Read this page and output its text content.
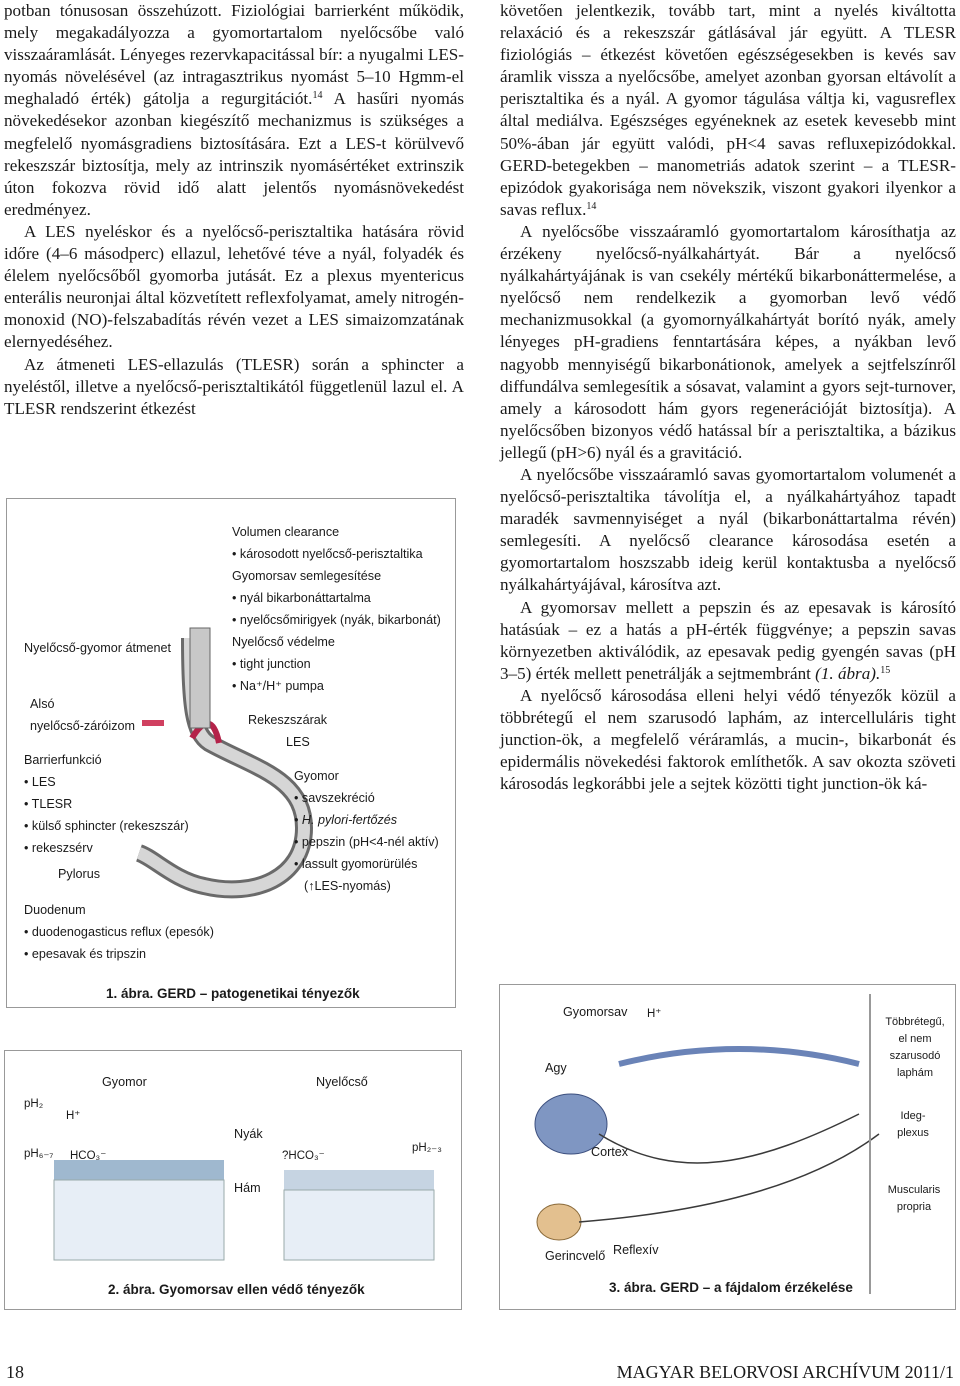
potban tónusosan összehúzott. Fiziológiai barrierként működik, mely megakadályozza a gyomortartalom nyelőcsőbe való visszaáramlását. Lényeges rezervkapacitással bír: a nyugalmi LES-nyomás növelésével (az intragasztrikus nyomást 5–10 Hgmm-el meghaladó érték) gátolja a regurgitációt.$^{14}$ A hasűri nyomás növekedésekor azonban kiegészítő mechanizmus is szükséges a megfelelő nyomásgradiens biztosítására. Ezt a LES-t körülvevő rekeszszár biztosítja, mely az intrinszik nyomásértéket extrinszik úton fokozva rövid idő alatt jelentős nyomásnövekedést eredményez.

A LES nyeléskor és a nyelőcső-perisztaltika hatására rövid időre (4–6 másodperc) ellazul, lehetővé téve a nyál, folyadék és élelem nyelőcsőből gyomorba jutását. Ez a plexus myentericus enterális neuronjai által közvetített reflexfolyamat, amely nitrogén-monoxid (NO)-felszabadítás révén vezet a LES simaizomzatának elernyedéséhez.

Az átmeneti LES-ellazulás (TLESR) során a sphincter a nyeléstől, illetve a nyelőcső-perisztaltikától függetlenül lazul el. A TLESR rendszerint étkezést

követően jelentkezik, tovább tart, mint a nyelés kiváltotta relaxáció és a rekeszszár gátlásával jár együtt. A TLESR fiziológiás – étkezést követően egészségesekben is kevés sav áramlik vissza a nyelőcsőbe, amelyet azonban gyorsan eltávolít a perisztaltika és a nyál. A gyomor tágulása váltja ki, vagusreflex által mediálva. Egészséges egyéneknek az esetek kevesebb mint 50%-ában jár együtt valódi, pH<4 savas refluxepizódokkal. GERD-betegekben – manometriás adatok szerint – a TLESR-epizódok gyakorisága nem növekszik, viszont gyakori ilyenkor a savas reflux.$^{14}$

A nyelőcsőbe visszaáramló gyomortartalom károsíthatja az érzékeny nyelőcső-nyálkahártyát. Bár a nyelőcső nyálkahártyájának is van csekély mértékű bikarbonáttermelése, a nyelőcső nem rendelkezik a gyomorban levő védő mechanizmusokkal (a gyomornyálkahártyát borító nyák, amely lényeges pH-gradiens fenntartására képes, a nyákban levő nagyobb mennyiségű bikarbonátionok, amelyek a sejtfelszínről diffundálva semlegesítik a sósavat, valamint a gyors sejt-turnover, amely a károsodott hám gyors regenerációját biztosítja). A nyelőcsőben bizonyos védő hatással bír a perisztaltika, a bázikus jellegű (pH>6) nyál és a gravitáció.

A nyelőcsőbe visszaáramló savas gyomortartalom volumenét a nyelőcső-perisztaltika távolítja el, a nyálkahártyához tapadt maradék savmennyiséget a nyál (bikarbonáttartalma révén) semlegesíti. A nyelőcső clearance károsodása esetén a gyomortartalom hoszszabb ideig kerül kontaktusba a nyelőcső nyálkahártyájával, károsítva azt.

A gyomorsav mellett a pepszin és az epesavak is károsító hatásúak – ez a hatás a pH-érték függvénye; a pepszin savas környezetben aktiválódik, az epesavak pedig gyengén savas (pH 3–5) érték mellett penetrálják a sejtmembránt (1. ábra).$^{15}$

A nyelőcső károsodása elleni helyi védő tényezők közül a többrétegű el nem szarusodó laphám, az intercelluláris tight junction-ök, a megfelelő véráramlás, a mucin-, bikarbonát és epidermális növekedési faktorok említhetők. A sav okozta szöveti károsodás legkorábbi jele a sejtek közötti tight junction-ök ká-

Nyelőcső-gyomor átmenet
Alsó
nyelőcső-záróizom
Barrierfunkció
• LES
• TLESR
• külső sphincter (rekeszszár)
• rekeszsérv
Pylorus
Duodenum
• duodenogasticus reflux (epesók)
• epesavak és tripszin
Volumen clearance
• károsodott nyelőcső-perisztaltika
Gyomorsav semlegesítése
• nyál bikarbonáttartalma
• nyelőcsőmirigyek (nyák, bikarbonát)
Nyelőcső védelme
• tight junction
• Na⁺/H⁺ pumpa
Rekeszszárak
LES
Gyomor
• savszekréció
• H. pylori-fertőzés
• pepszin (pH<4-nél aktív)
• lassult gyomorürülés
(↑LES-nyomás)
1. ábra. GERD – patogenetikai tényezők
Gyomor	Nyelőcső
pH₂
pH₆₋₇
H⁺
HCO₃⁻
Nyák
Hám
?HCO₃⁻
pH₂₋₃
2. ábra. Gyomorsav ellen védő tényezők
Gyomorsav
Agy
Cortex
Gerincvelő Reflexív
H⁺
Többrétegű, el nem szarusodó laphám
Ideg-plexus
Muscularis propria
3. ábra. GERD – a fájdalom érzékelése
18	MAGYAR BELORVOSI ARCHÍVUM 2011/1
